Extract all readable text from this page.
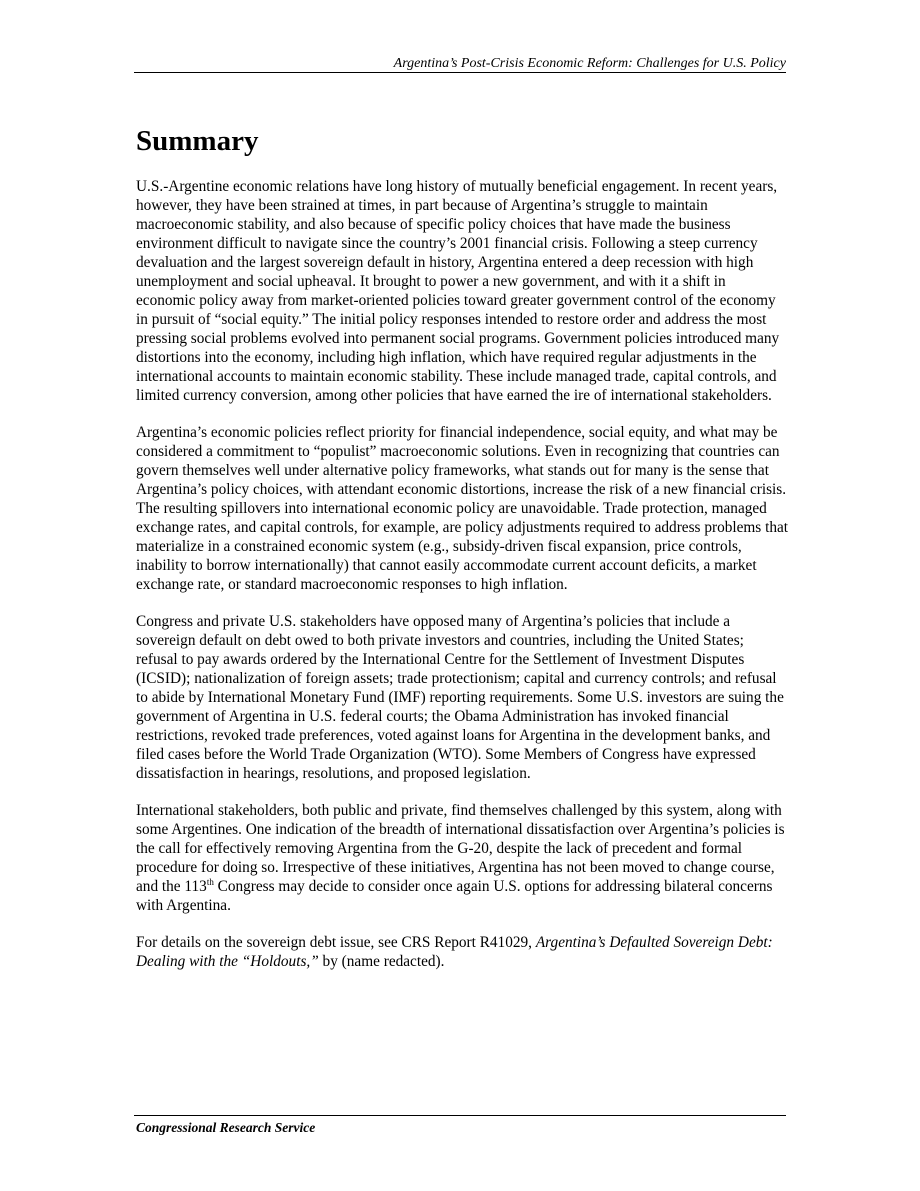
Argentina’s Post-Crisis Economic Reform: Challenges for U.S. Policy
Summary

U.S.-Argentine economic relations have long history of mutually beneficial engagement. In recent years, however, they have been strained at times, in part because of Argentina’s struggle to maintain macroeconomic stability, and also because of specific policy choices that have made the business environment difficult to navigate since the country’s 2001 financial crisis. Following a steep currency devaluation and the largest sovereign default in history, Argentina entered a deep recession with high unemployment and social upheaval. It brought to power a new government, and with it a shift in economic policy away from market-oriented policies toward greater government control of the economy in pursuit of “social equity.” The initial policy responses intended to restore order and address the most pressing social problems evolved into permanent social programs. Government policies introduced many distortions into the economy, including high inflation, which have required regular adjustments in the international accounts to maintain economic stability. These include managed trade, capital controls, and limited currency conversion, among other policies that have earned the ire of international stakeholders.

Argentina’s economic policies reflect priority for financial independence, social equity, and what may be considered a commitment to “populist” macroeconomic solutions. Even in recognizing that countries can govern themselves well under alternative policy frameworks, what stands out for many is the sense that Argentina’s policy choices, with attendant economic distortions, increase the risk of a new financial crisis. The resulting spillovers into international economic policy are unavoidable. Trade protection, managed exchange rates, and capital controls, for example, are policy adjustments required to address problems that materialize in a constrained economic system (e.g., subsidy-driven fiscal expansion, price controls, inability to borrow internationally) that cannot easily accommodate current account deficits, a market exchange rate, or standard macroeconomic responses to high inflation.

Congress and private U.S. stakeholders have opposed many of Argentina’s policies that include a sovereign default on debt owed to both private investors and countries, including the United States; refusal to pay awards ordered by the International Centre for the Settlement of Investment Disputes (ICSID); nationalization of foreign assets; trade protectionism; capital and currency controls; and refusal to abide by International Monetary Fund (IMF) reporting requirements. Some U.S. investors are suing the government of Argentina in U.S. federal courts; the Obama Administration has invoked financial restrictions, revoked trade preferences, voted against loans for Argentina in the development banks, and filed cases before the World Trade Organization (WTO). Some Members of Congress have expressed dissatisfaction in hearings, resolutions, and proposed legislation.

International stakeholders, both public and private, find themselves challenged by this system, along with some Argentines. One indication of the breadth of international dissatisfaction over Argentina’s policies is the call for effectively removing Argentina from the G-20, despite the lack of precedent and formal procedure for doing so. Irrespective of these initiatives, Argentina has not been moved to change course, and the 113th Congress may decide to consider once again U.S. options for addressing bilateral concerns with Argentina.

For details on the sovereign debt issue, see CRS Report R41029, Argentina’s Defaulted Sovereign Debt: Dealing with the “Holdouts,” by (name redacted).

Congressional Research Service
